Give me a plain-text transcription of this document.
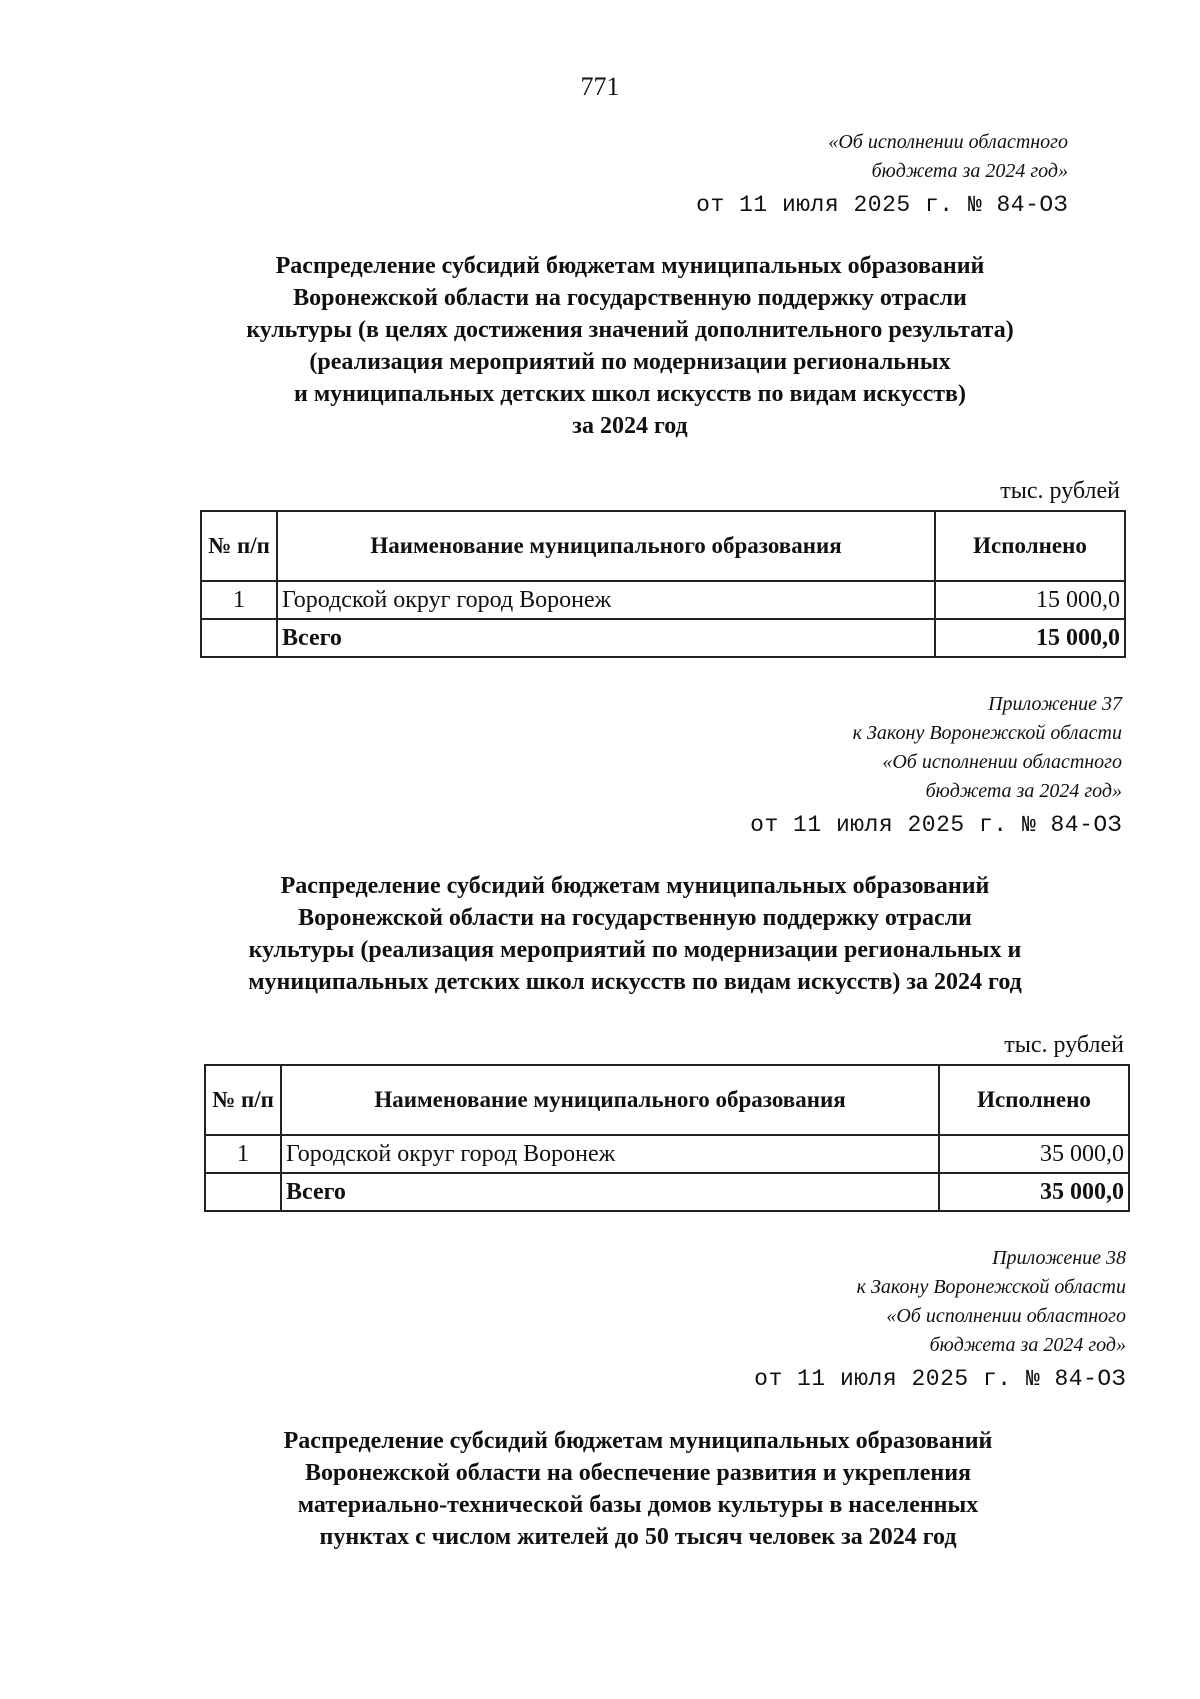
771
«Об исполнении областного
бюджета за 2024 год»
от 11 июля 2025 г. № 84-ОЗ
Распределение субсидий бюджетам муниципальных образований
Воронежской области на государственную поддержку отрасли
культуры (в целях достижения значений дополнительного результата)
(реализация мероприятий по модернизации региональных
и муниципальных детских школ искусств по видам искусств)
за 2024 год
тыс. рублей
№ п/п	Наименование муниципального образования	Исполнено
1	Городской округ город Воронеж	15 000,0
	Всего	15 000,0
Приложение 37
к Закону Воронежской области
«Об исполнении областного
бюджета за 2024 год»
от 11 июля 2025 г. № 84-ОЗ
Распределение субсидий бюджетам муниципальных образований
Воронежской области на государственную поддержку отрасли
культуры (реализация мероприятий по модернизации региональных и
муниципальных детских школ искусств по видам искусств) за 2024 год
тыс. рублей
№ п/п	Наименование муниципального образования	Исполнено
1	Городской округ город Воронеж	35 000,0
	Всего	35 000,0
Приложение 38
к Закону Воронежской области
«Об исполнении областного
бюджета за 2024 год»
от 11 июля 2025 г. № 84-ОЗ
Распределение субсидий бюджетам муниципальных образований
Воронежской области на обеспечение развития и укрепления
материально-технической базы домов культуры в населенных
пунктах с числом жителей до 50 тысяч человек за 2024 год
